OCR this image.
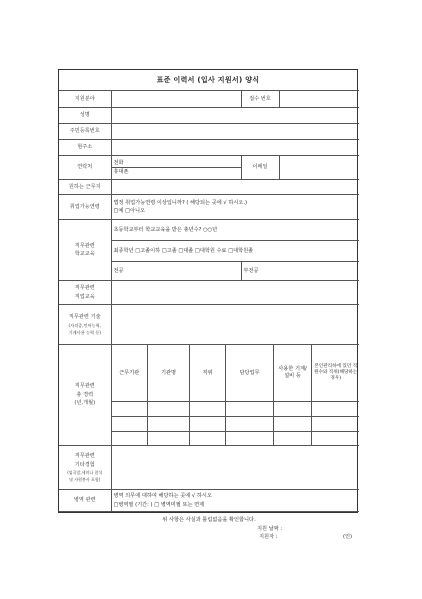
표준 이력서 (입사 지원서) 양식
지원분야		접수 번호	
성명	
주민등록번호	
현주소	
연락처	
전화
휴대폰
	이메일	
원하는 근무지	
취업가능연령	
법정 취업가능연령 이상입니까? ( 해당되는 곳에 √ 하시오.)
□예 □아니오

직무관련
학교교육
	초등학교부터 학교교육을 받은 총년수? ○○년
최종학년 □고졸이하 □고졸 □대졸 □대학원 수료 □대학원졸
전공	부전공

직무관련
직업교육

직무관련 기술
(자격증,언어능력,
기계사용 능력 등)

직무관련
총 경력
(년,개월)

근무기관	기관명	직위	담당업무	사용한 기계/설비 등	본인관리하에 있던 직원수와 직위(해당하는 경우)

직무관련
기타경험
(임곡앞,세미나 참석
및 자원봉사 포함)

병역 관련	
병역 의무에 대하여 해당하는 곳에 √ 하시오
□병역필 (기간: ) □ 병역미필 또는 면제

위 사항은 사실과 틀림없음을 확인합니다.
지원 날짜 :
지원자 :	(인)
